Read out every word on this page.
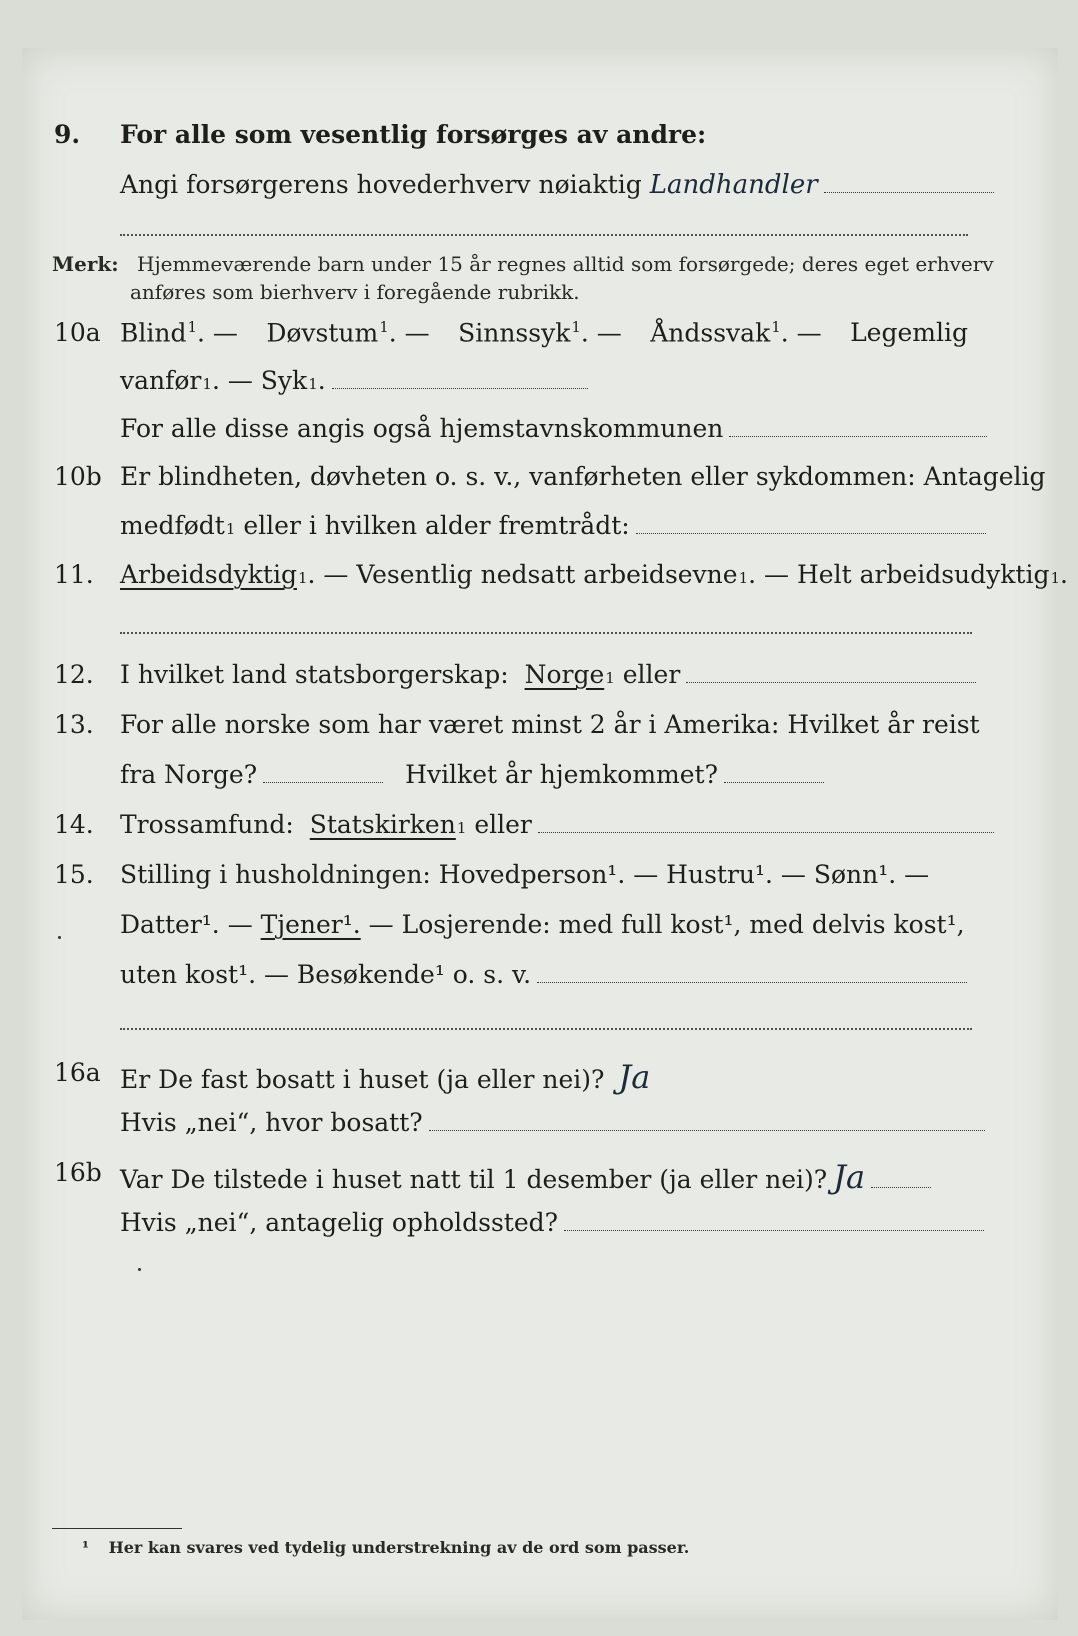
9. For alle som vesentlig forsørges av andre:
Angi forsørgerens hovederhverv nøiaktig Landhandler
Merk: Hjemmeværende barn under 15 år regnes alltid som forsørgede; deres eget erhverv
anføres som bierhverv i foregående rubrikk.
10a Blind$^1$. — Døvstum$^1$. — Sinnssyk$^1$. — Åndssvak$^1$. — Legemlig
vanfør 1 . — Syk 1 .
For alle disse angis også hjemstavnskommunen
10b Er blindheten, døvheten o. s. v., vanførheten eller sykdommen: Antagelig
medfødt 1
eller i hvilken alder fremtrådt:
11. Arbeidsdyktig 1 . — Vesentlig nedsatt arbeidsevne 1 . — Helt arbeidsudyktig 1 .
12. I hvilket land statsborgerskap:
Norge 1
eller
13. For alle norske som har været minst 2 år i Amerika: Hvilket år reist
fra Norge?	Hvilket år hjemkommet?
14. Trossamfund:
Statskirken 1
eller
15. Stilling i husholdningen: Hovedperson¹. — Hustru¹. — Sønn¹. —
Datter¹. —
Tjener¹.
— Losjerende: med full kost¹, med delvis kost¹,
uten kost¹. — Besøkende¹ o. s. v.
16a Er De fast bosatt i huset (ja eller nei)? Ja
Hvis „nei“, hvor bosatt?
16b Var De tilstede i huset natt til 1 desember (ja eller nei)? Ja
Hvis „nei“, antagelig opholdssted?
¹ Her kan svares ved tydelig understrekning av de ord som passer.
